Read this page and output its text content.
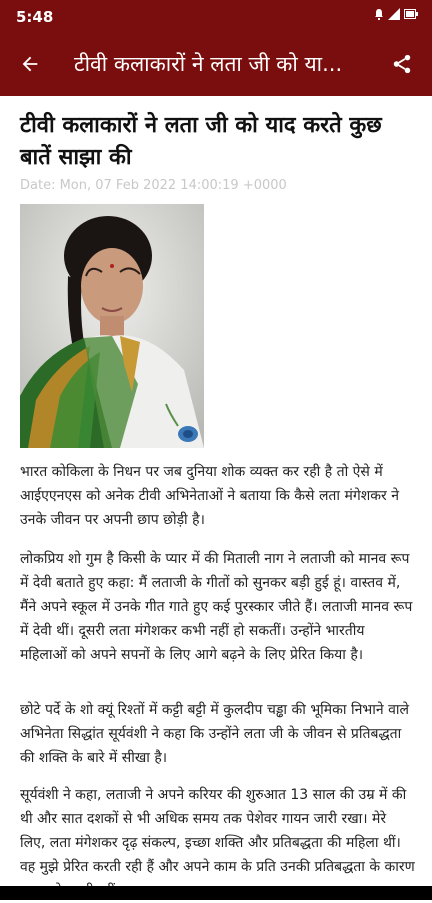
5:48
टीवी कलाकारों ने लता जी को या...
टीवी कलाकारों ने लता जी को याद करते कुछ बातें साझा की
Date: Mon, 07 Feb 2022 14:00:19 +0000

भारत कोकिला के निधन पर जब दुनिया शोक व्यक्त कर रही है तो ऐसे में आईएएनएस को अनेक टीवी अभिनेताओं ने बताया कि कैसे लता मंगेशकर ने उनके जीवन पर अपनी छाप छोड़ी है।

लोकप्रिय शो गुम है किसी के प्यार में की मिताली नाग ने लताजी को मानव रूप में देवी बताते हुए कहा: मैं लताजी के गीतों को सुनकर बड़ी हुई हूं। वास्तव में, मैंने अपने स्कूल में उनके गीत गाते हुए कई पुरस्कार जीते हैं। लताजी मानव रूप में देवी थीं। दूसरी लता मंगेशकर कभी नहीं हो सकतीं। उन्होंने भारतीय महिलाओं को अपने सपनों के लिए आगे बढ़ने के लिए प्रेरित किया है।

छोटे पर्दे के शो क्यूं रिश्तों में कट्टी बट्टी में कुलदीप चड्ढा की भूमिका निभाने वाले अभिनेता सिद्धांत सूर्यवंशी ने कहा कि उन्होंने लता जी के जीवन से प्रतिबद्धता की शक्ति के बारे में सीखा है।

सूर्यवंशी ने कहा, लताजी ने अपने करियर की शुरुआत 13 साल की उम्र में की थी और सात दशकों से भी अधिक समय तक पेशेवर गायन जारी रखा। मेरे लिए, लता मंगेशकर दृढ़ संकल्प, इच्छा शक्ति और प्रतिबद्धता की महिला थीं। वह मुझे प्रेरित करती रही हैं और अपने काम के प्रति उनकी प्रतिबद्धता के कारण
